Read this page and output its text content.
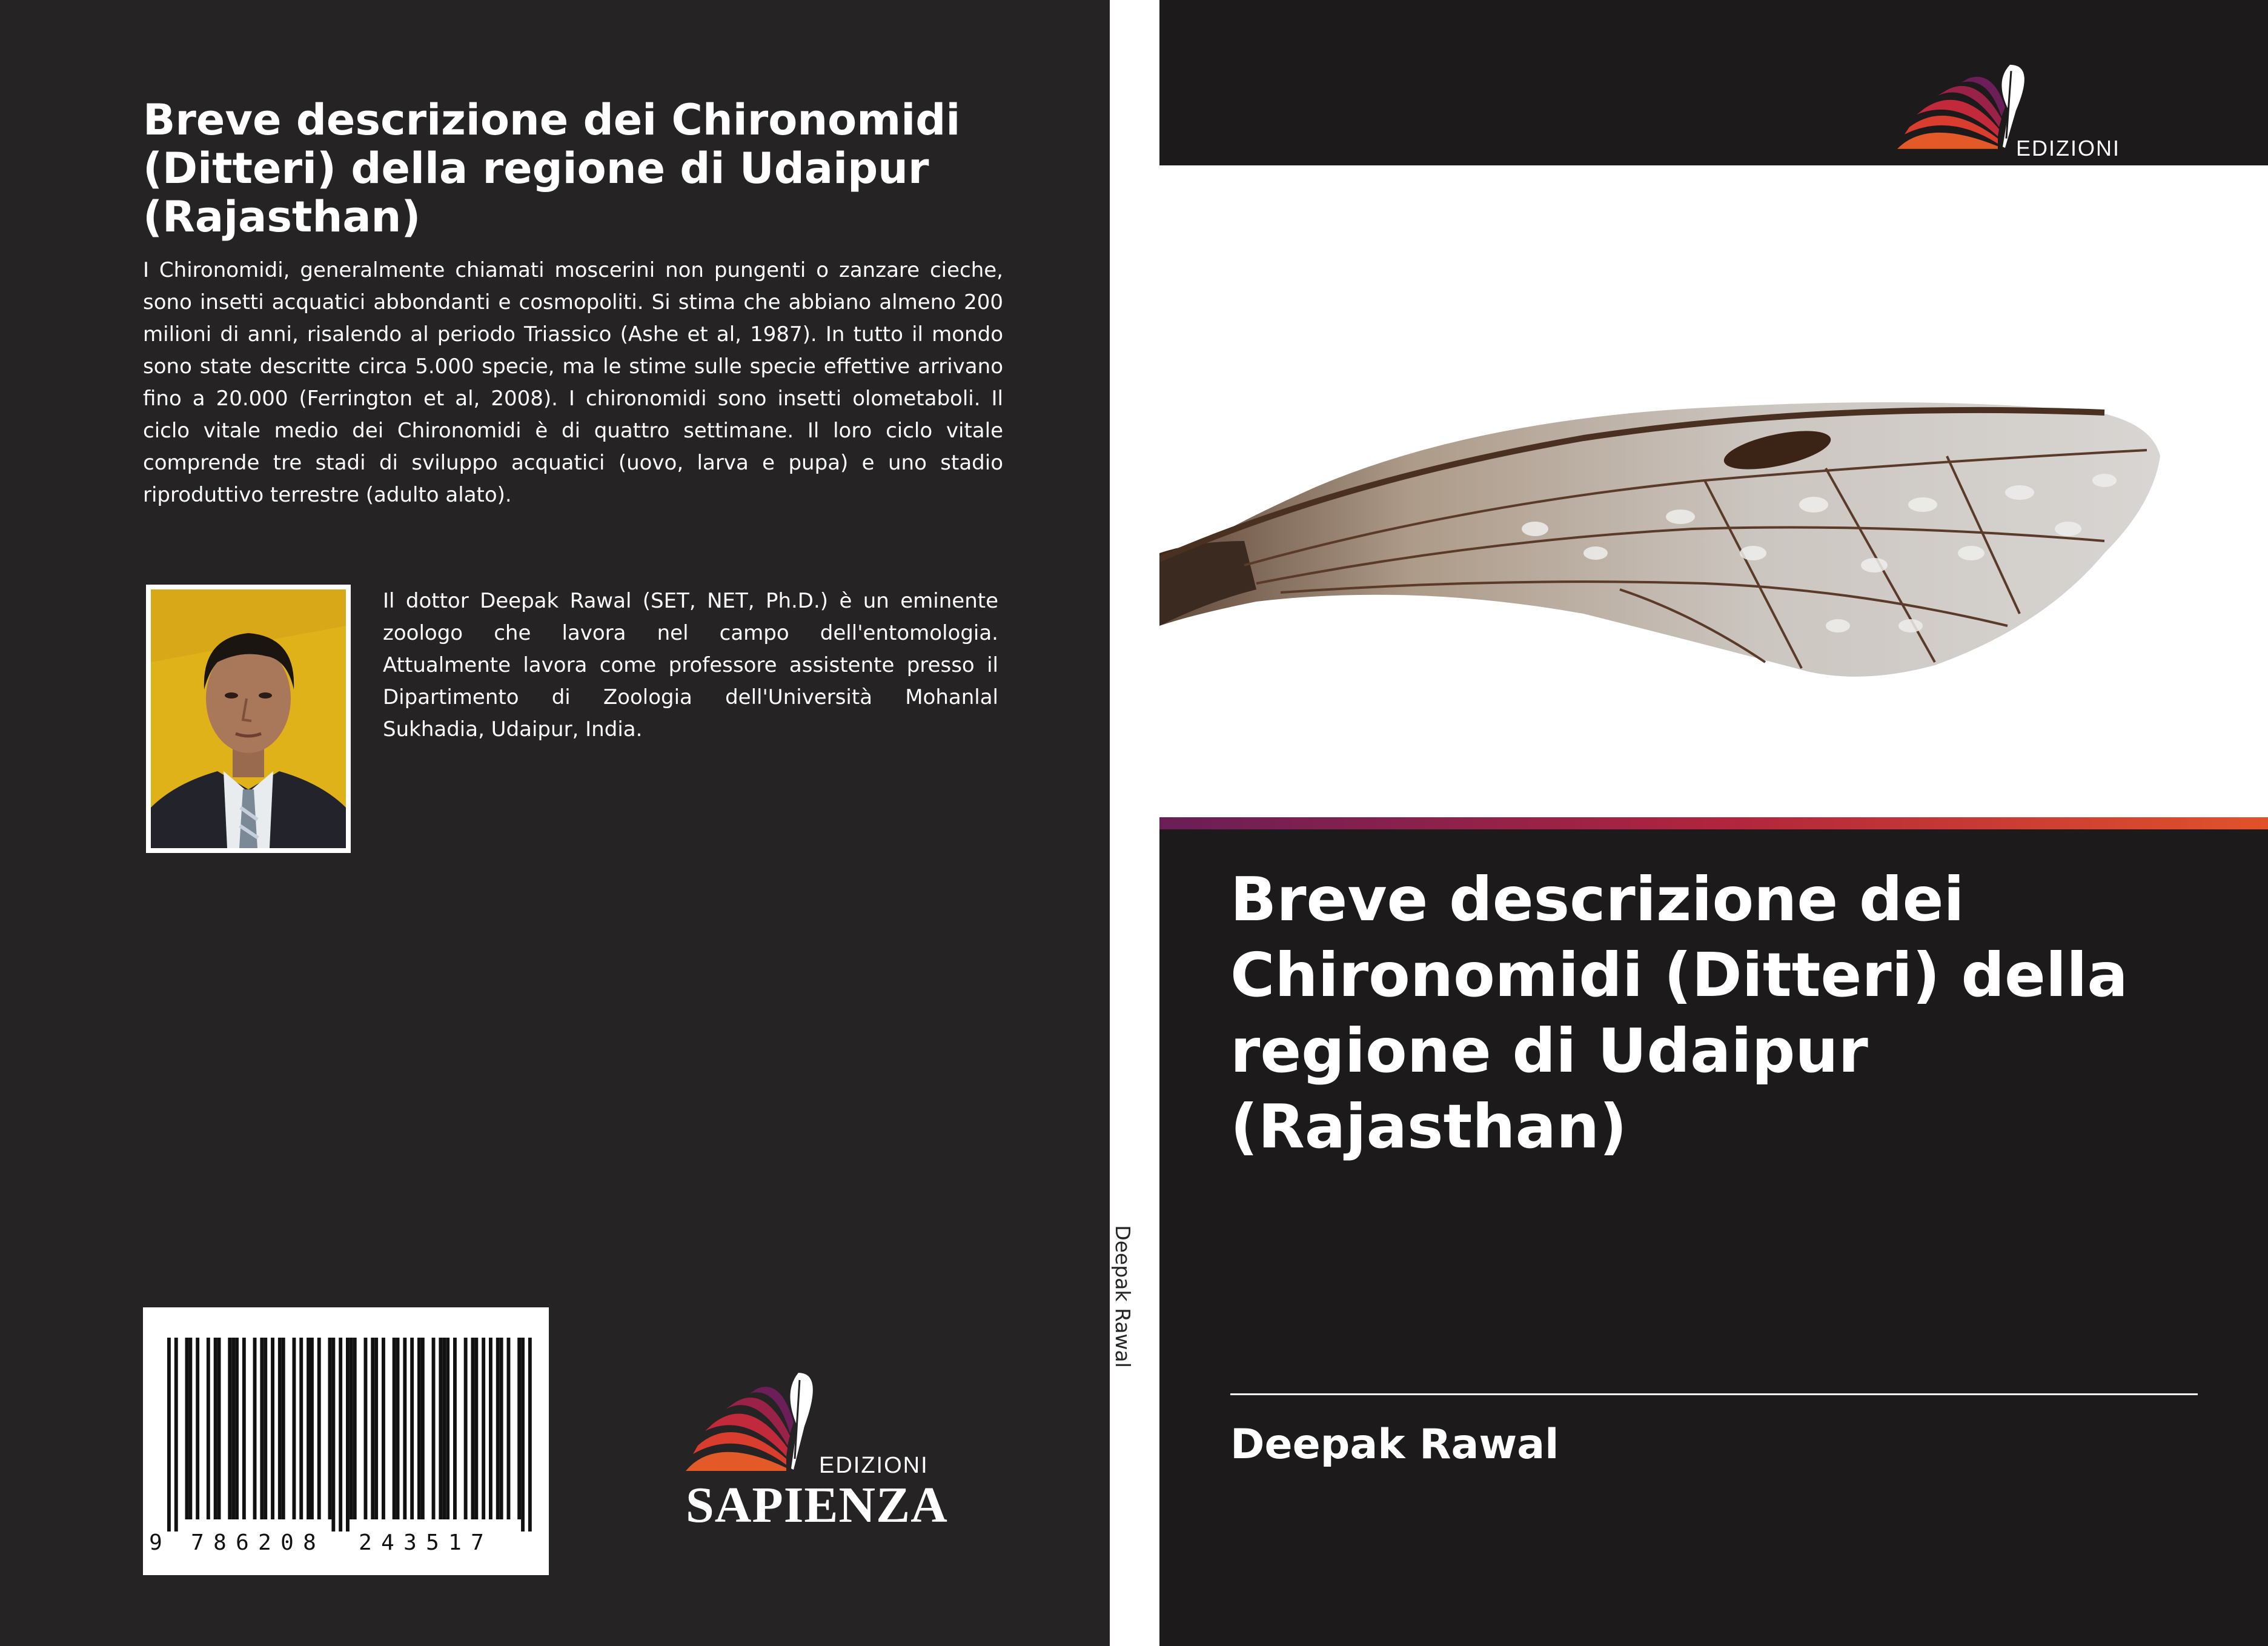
Breve descrizione dei Chironomidi (Ditteri) della regione di Udaipur (Rajasthan)

I Chironomidi, generalmente chiamati moscerini non pungenti o zanzare cieche, sono insetti acquatici abbondanti e cosmopoliti. Si stima che abbiano almeno 200 milioni di anni, risalendo al periodo Triassico (Ashe et al, 1987). In tutto il mondo sono state descritte circa 5.000 specie, ma le stime sulle specie effettive arrivano fino a 20.000 (Ferrington et al, 2008). I chironomidi sono insetti olometaboli. Il ciclo vitale medio dei Chironomidi è di quattro settimane. Il loro ciclo vitale comprende tre stadi di sviluppo acquatici (uovo, larva e pupa) e uno stadio riproduttivo terrestre (adulto alato).

Il dottor Deepak Rawal (SET, NET, Ph.D.) è un eminente zoologo che lavora nel campo dell'entomologia. Attualmente lavora come professore assistente presso il Dipartimento di Zoologia dell'Università Mohanlal Sukhadia, Udaipur, India.

9 7 8 6 2 0 8 2 4 3 5 1 7
EDIZIONI
SAPIENZA
Deepak Rawal
EDIZIONI
Breve descrizione dei Chironomidi (Ditteri) della regione di Udaipur (Rajasthan)
Deepak Rawal
